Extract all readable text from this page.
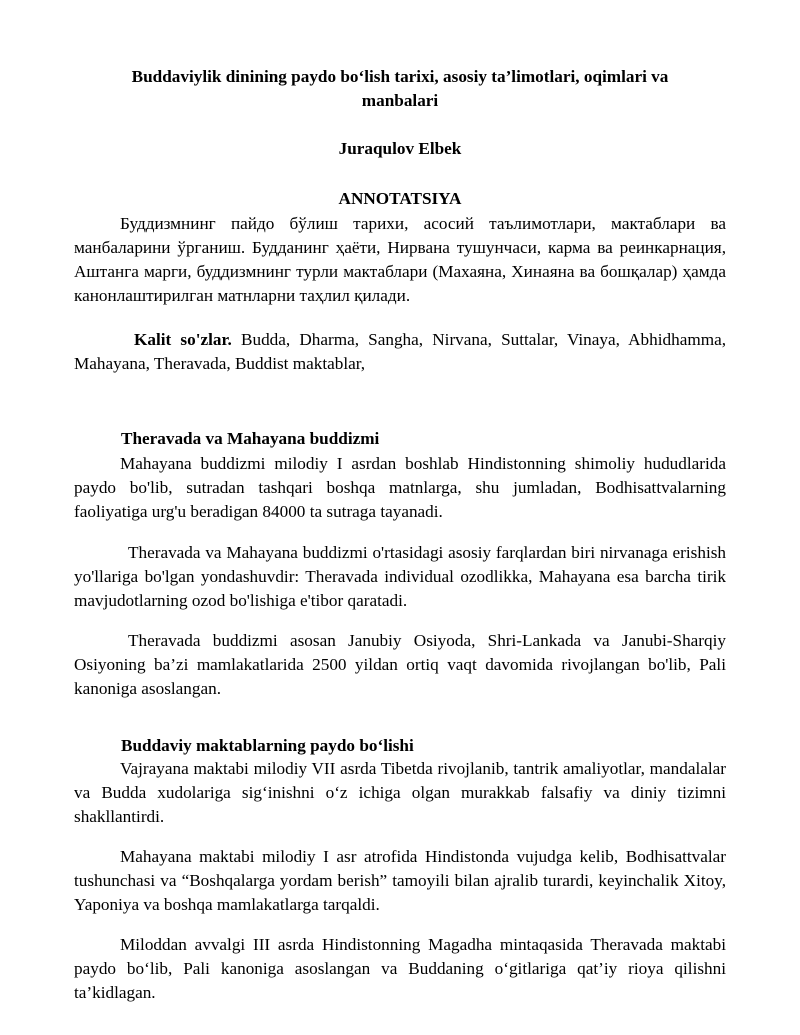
Buddaviylik dinining paydo bo‘lish tarixi, asosiy ta’limotlari, oqimlari va manbalari
Juraqulov Elbek
ANNOTATSIYA
Буддизмнинг пайдо бўлиш тарихи, асосий таълимотлари, мактаблари ва манбаларини ўрганиш. Будданинг ҳаёти, Нирвана тушунчаси, карма ва реинкарнация, Аштанга марги, буддизмнинг турли мактаблари (Махаяна, Хинаяна ва бошқалар) ҳамда канонлаштирилган матнларни таҳлил қилади.
Kalit so'zlar. Budda, Dharma, Sangha, Nirvana, Suttalar, Vinaya, Abhidhamma, Mahayana, Theravada, Buddist maktablar,
Theravada va Mahayana buddizmi
Mahayana buddizmi milodiy I asrdan boshlab Hindistonning shimoliy hududlarida paydo bo'lib, sutradan tashqari boshqa matnlarga, shu jumladan, Bodhisattvalarning faoliyatiga urg'u beradigan 84000 ta sutraga tayanadi.
Theravada va Mahayana buddizmi o'rtasidagi asosiy farqlardan biri nirvanaga erishish yo'llariga bo'lgan yondashuvdir: Theravada individual ozodlikka, Mahayana esa barcha tirik mavjudotlarning ozod bo'lishiga e'tibor qaratadi.
Theravada buddizmi asosan Janubiy Osiyoda, Shri-Lankada va Janubi-Sharqiy Osiyoning ba’zi mamlakatlarida 2500 yildan ortiq vaqt davomida rivojlangan bo'lib, Pali kanoniga asoslangan.
Buddaviy maktablarning paydo bo‘lishi
Vajrayana maktabi milodiy VII asrda Tibetda rivojlanib, tantrik amaliyotlar, mandalalar va Budda xudolariga sig‘inishni o‘z ichiga olgan murakkab falsafiy va diniy tizimni shakllantirdi.
Mahayana maktabi milodiy I asr atrofida Hindistonda vujudga kelib, Bodhisattvalar tushunchasi va “Boshqalarga yordam berish” tamoyili bilan ajralib turardi, keyinchalik Xitoy, Yaponiya va boshqa mamlakatlarga tarqaldi.
Miloddan avvalgi III asrda Hindistonning Magadha mintaqasida Theravada maktabi paydo bo‘lib, Pali kanoniga asoslangan va Buddaning o‘gitlariga qat’iy rioya qilishni ta’kidlagan.
